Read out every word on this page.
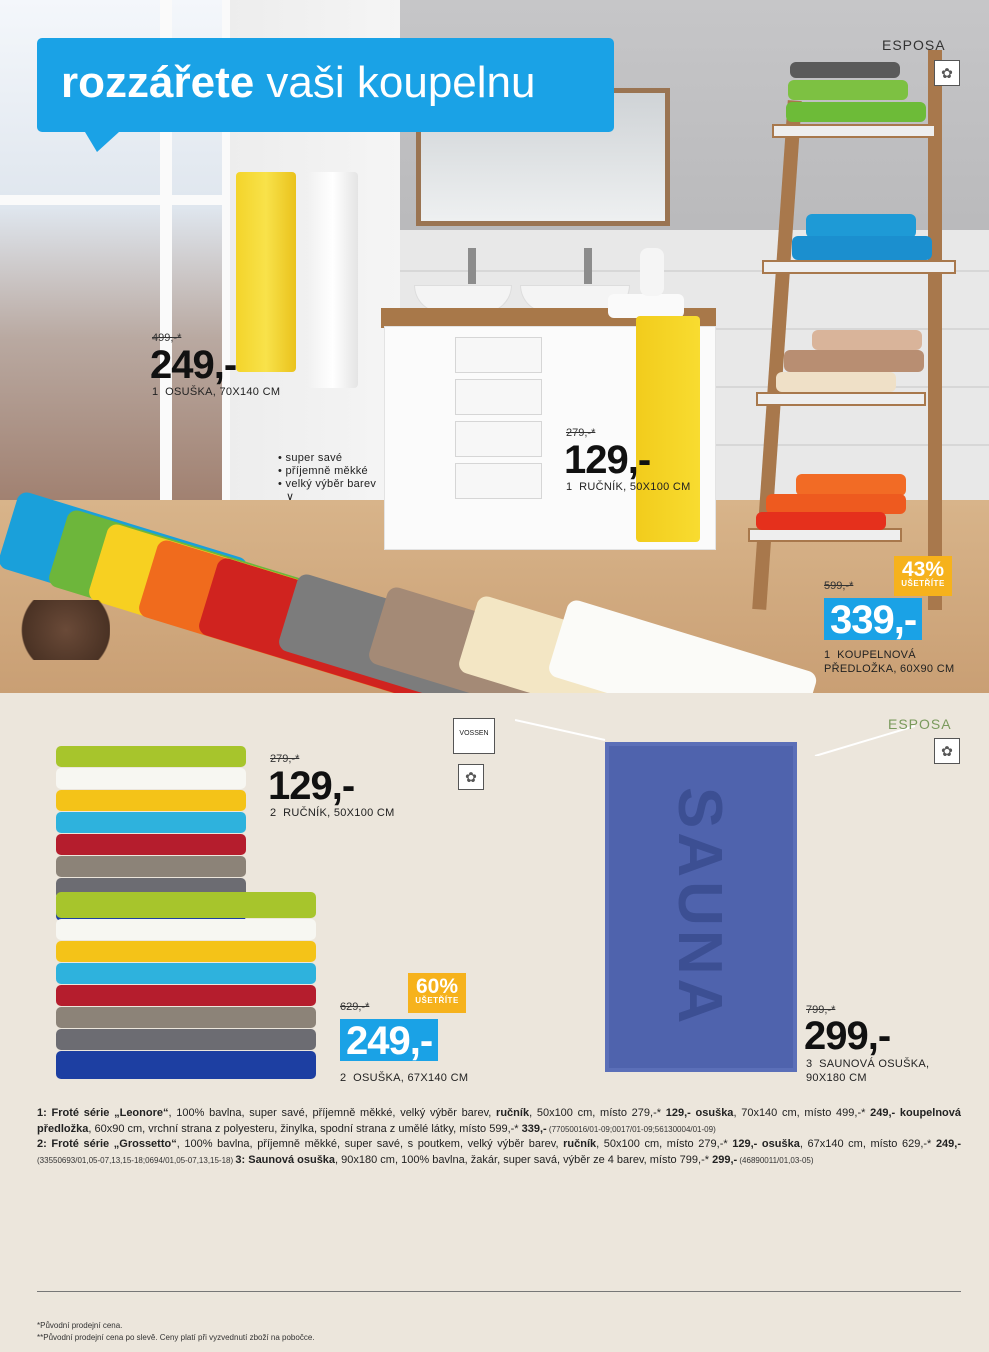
ESPOSA
✿
499,-*
249,-
1 OSUŠKA, 70X140 CM
• super savé
• příjemně měkké
• velký výběr barev
∨
279,-*
129,-
1 RUČNÍK, 50X100 CM
599,-*
43%
UŠETŘÍTE
339,-
1 KOUPELNOVÁ
PŘEDLOŽKA, 60X90 CM
rozzářete vaši koupelnu
VOSSEN
✿
279,-*
129,-
2 RUČNÍK, 50X100 CM
629,-*
60%
UŠETŘÍTE
249,-
2 OSUŠKA, 67X140 CM
SAUNA
ESPOSA
✿
799,-*
299,-
3 SAUNOVÁ OSUŠKA,
90X180 CM
1: Froté série „Leonore“, 100% bavlna, super savé, příjemně měkké, velký výběr barev, ručník, 50x100 cm, místo 279,-* 129,- osuška, 70x140 cm, místo 499,-* 249,- koupelnová předložka, 60x90 cm, vrchní strana z polyesteru, žinylka, spodní strana z umělé látky, místo 599,-* 339,- (77050016/01-09;0017/01-09;56130004/01-09)
2: Froté série „Grossetto“, 100% bavlna, příjemně měkké, super savé, s poutkem, velký výběr barev, ručník, 50x100 cm, místo 279,-* 129,- osuška, 67x140 cm, místo 629,-* 249,- (33550693/01,05-07,13,15-18;0694/01,05-07,13,15-18) 3: Saunová osuška, 90x180 cm, 100% bavlna, žakár, super savá, výběr ze 4 barev, místo 799,-* 299,- (46890011/01,03-05)
*Původní prodejní cena.
**Původní prodejní cena po slevě. Ceny platí při vyzvednutí zboží na pobočce.
